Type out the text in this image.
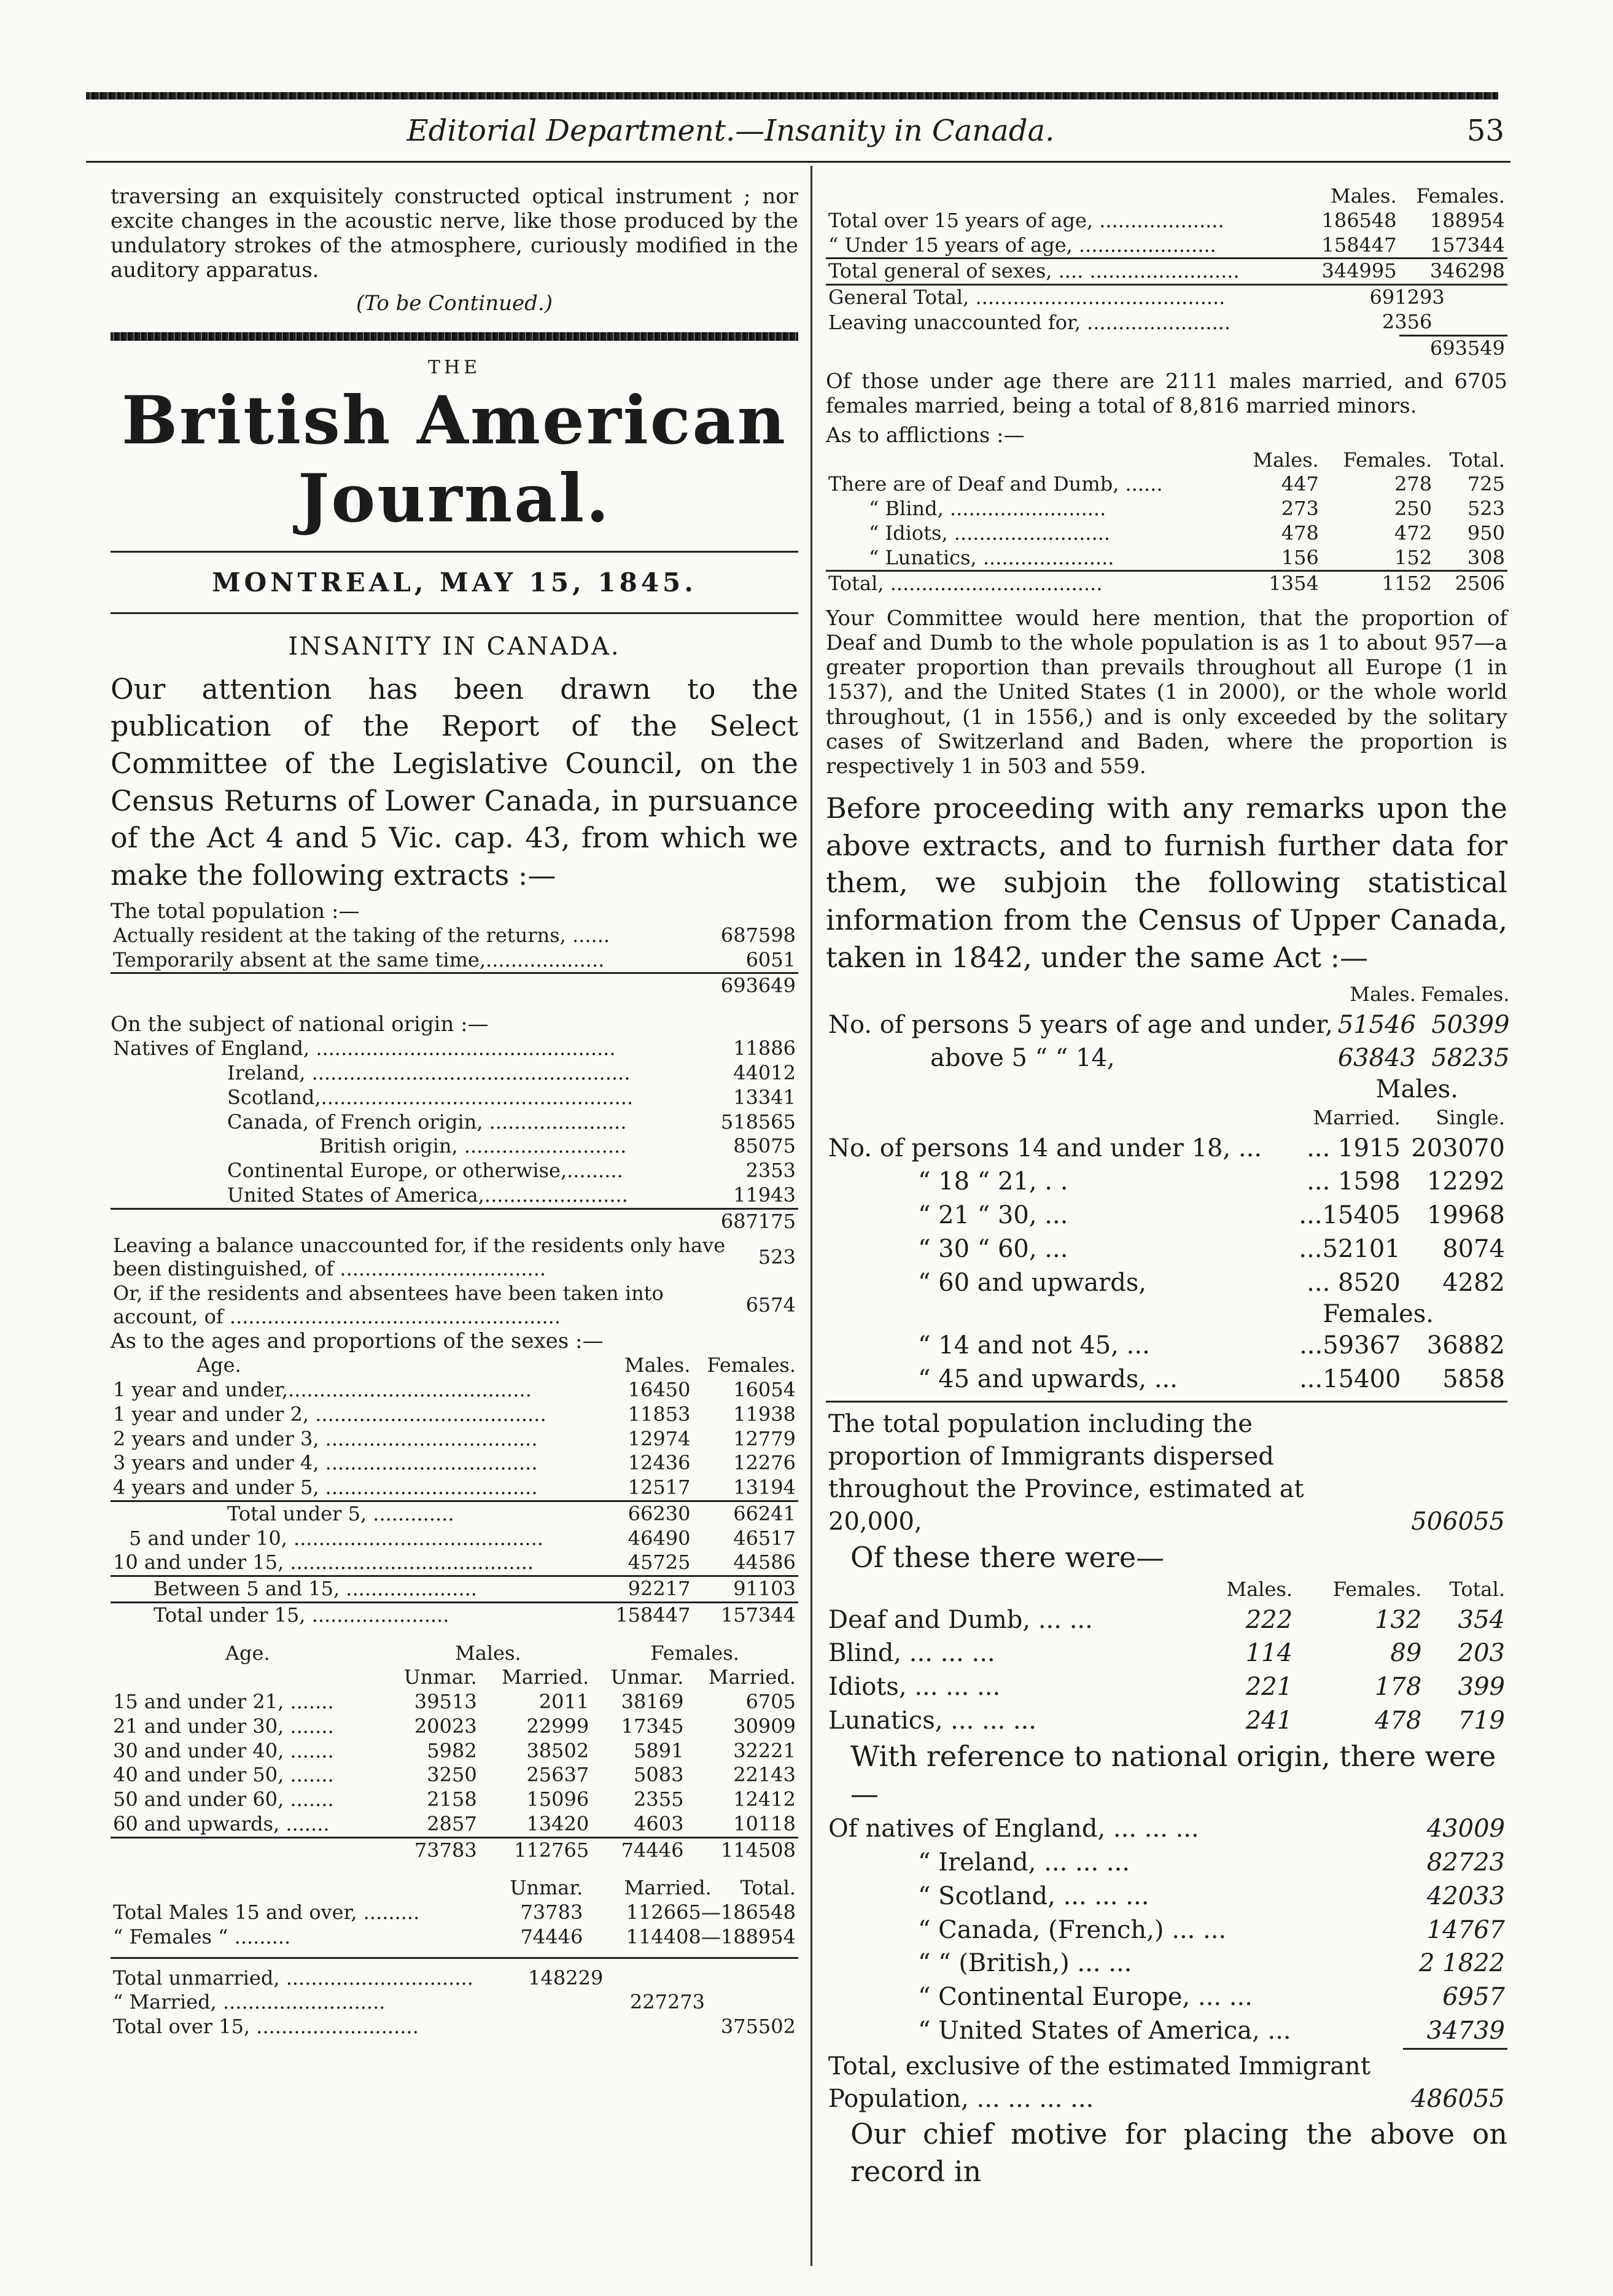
Editorial Department.—Insanity in Canada.	53

traversing an exquisitely constructed optical instrument ; nor excite changes in the acoustic nerve, like those produced by the undulatory strokes of the atmosphere, curiously modified in the auditory apparatus.

(To be Continued.)
THE
British American Journal.
MONTREAL, MAY 15, 1845.
INSANITY IN CANADA.

Our attention has been drawn to the publication of the Report of the Select Committee of the Legislative Council, on the Census Returns of Lower Canada, in pursuance of the Act 4 and 5 Vic. cap. 43, from which we make the following extracts :—

The total population :—
Actually resident at the taking of the returns, ......	687598
Temporarily absent at the same time,...................	6051
	693649
On the subject of national origin :—
Natives of England, ................................................	11886
Ireland, ...................................................	44012
Scotland,..................................................	13341
Canada, of French origin, ......................	518565
British origin, ..........................	85075
Continental Europe, or otherwise,.........	2353
United States of America,.......................	11943
	687175
Leaving a balance unaccounted for, if the residents only have been distinguished, of .................................	523
Or, if the residents and absentees have been taken into account, of .....................................................	6574
As to the ages and proportions of the sexes :—
Age.	Males.	Females.
1 year and under,.......................................	16450	16054
1 year and under 2, .....................................	11853	11938
2 years and under 3, ..................................	12974	12779
3 years and under 4, ..................................	12436	12276
4 years and under 5, ..................................	12517	13194
Total under 5, .............	66230	66241
5 and under 10, ........................................	46490	46517
10 and under 15, .......................................	45725	44586
Between 5 and 15, .....................	92217	91103
Total under 15, ......................	158447	157344
Age.	Males.		Females.	
	Unmar.	Married.	Unmar.	Married.
15 and under 21, .......	39513	2011	38169	6705
21 and under 30, .......	20023	22999	17345	30909
30 and under 40, .......	5982	38502	5891	32221
40 and under 50, .......	3250	25637	5083	22143
50 and under 60, .......	2158	15096	2355	12412
60 and upwards, .......	2857	13420	4603	10118
	73783	112765	74446	114508
	Unmar.	Married.	Total.
Total Males 15 and over, .........	73783	112665—186548	
“ Females “ .........	74446	114408—188954	
Total unmarried, ..............................	148229		
“ Married, ..........................		227273	
Total over 15, ..........................			375502
	Males.	Females.
Total over 15 years of age, ....................	186548	188954
“ Under 15 years of age, ......................	158447	157344
Total general of sexes, .... ........................	344995	346298
General Total, ........................................	691293	
Leaving unaccounted for, .......................	2356	
		693549

Of those under age there are 2111 males married, and 6705 females married, being a total of 8,816 married minors.

As to afflictions :—
	Males.	Females.	Total.
There are of Deaf and Dumb, ......	447	278	725
“ Blind, .........................	273	250	523
“ Idiots, .........................	478	472	950
“ Lunatics, .....................	156	152	308
Total, ..................................	1354	1152	2506

Your Committee would here mention, that the proportion of Deaf and Dumb to the whole population is as 1 to about 957—a greater proportion than prevails throughout all Europe (1 in 1537), and the United States (1 in 2000), or the whole world throughout, (1 in 1556,) and is only exceeded by the solitary cases of Switzerland and Baden, where the proportion is respectively 1 in 503 and 559.

Before proceeding with any remarks upon the above extracts, and to furnish further data for them, we subjoin the following statistical information from the Census of Upper Canada, taken in 1842, under the same Act :—

	Males.	Females.
No. of persons 5 years of age and under,	51546	50399
above 5 “ “ 14,	63843	58235
Males.
	Married.	Single.
No. of persons 14 and under 18, ...	... 1915	203070
“ 18 “ 21, . .	... 1598	12292
“ 21 “ 30, ...	...15405	19968
“ 30 “ 60, ...	...52101	8074
“ 60 and upwards,	... 8520	4282
Females.
“ 14 and not 45, ...	...59367	36882
“ 45 and upwards, ...	...15400	5858
The total population including the proportion of Immigrants dispersed throughout the Province, estimated at 20,000,	506055
Of these there were—
	Males.	Females.	Total.
Deaf and Dumb, ... ...	222	132	354
Blind, ... ... ...	114	89	203
Idiots, ... ... ...	221	178	399
Lunatics, ... ... ...	241	478	719
With reference to national origin, there were—
Of natives of England, ... ... ...	43009
“ Ireland, ... ... ...	82723
“ Scotland, ... ... ...	42033
“ Canada, (French,) ... ...	14767
“ “ (British,) ... ...	2 1822
“ Continental Europe, ... ...	6957
“ United States of America, ...	34739
Total, exclusive of the estimated Immigrant Population, ... ... ... ...	486055

Our chief motive for placing the above on record in
